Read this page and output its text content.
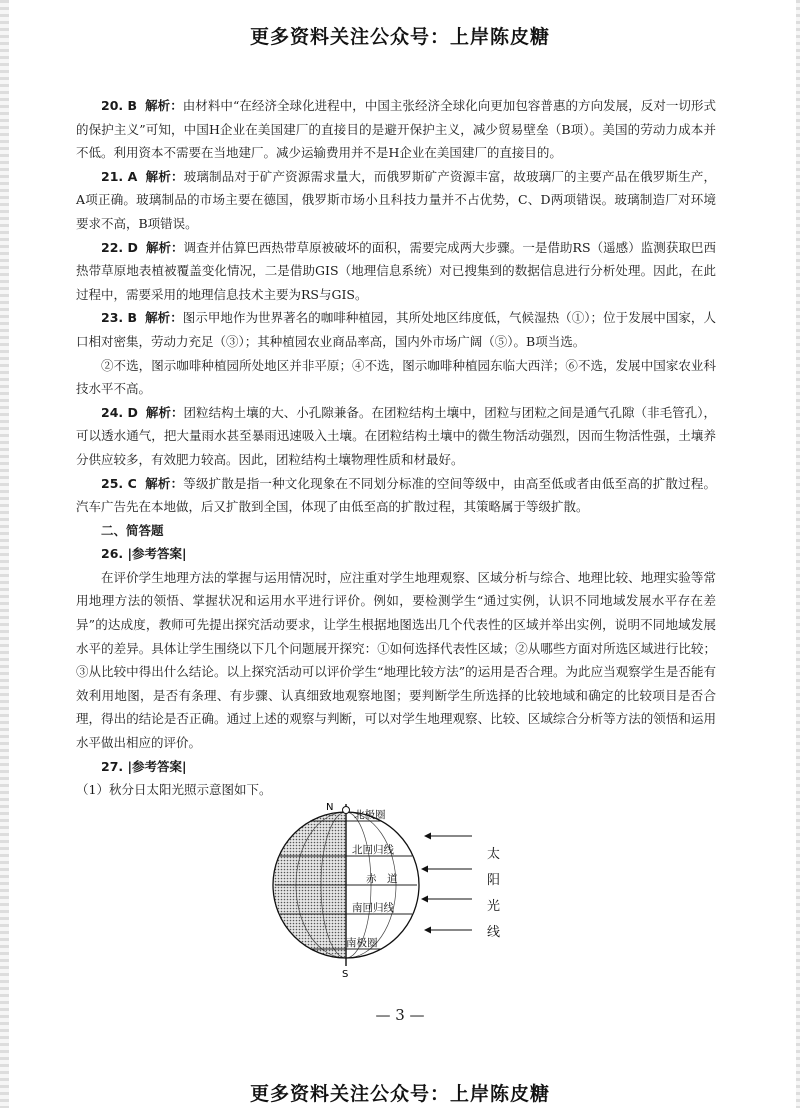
更多资料关注公众号：上岸陈皮糖

20. B 解析：由材料中“在经济全球化进程中，中国主张经济全球化向更加包容普惠的方向发展，反对一切形式的保护主义”可知，中国H企业在美国建厂的直接目的是避开保护主义，减少贸易壁垒（B项）。美国的劳动力成本并不低。利用资本不需要在当地建厂。减少运输费用并不是H企业在美国建厂的直接目的。

21. A 解析：玻璃制品对于矿产资源需求量大，而俄罗斯矿产资源丰富，故玻璃厂的主要产品在俄罗斯生产，A项正确。玻璃制品的市场主要在德国，俄罗斯市场小且科技力量并不占优势，C、D两项错误。玻璃制造厂对环境要求不高，B项错误。

22. D 解析：调查并估算巴西热带草原被破坏的面积，需要完成两大步骤。一是借助RS（遥感）监测获取巴西热带草原地表植被覆盖变化情况，二是借助GIS（地理信息系统）对已搜集到的数据信息进行分析处理。因此，在此过程中，需要采用的地理信息技术主要为RS与GIS。

23. B 解析：图示甲地作为世界著名的咖啡种植园，其所处地区纬度低，气候湿热（①）；位于发展中国家，人口相对密集，劳动力充足（③）；其种植园农业商品率高，国内外市场广阔（⑤）。B项当选。

②不选，图示咖啡种植园所处地区并非平原；④不选，图示咖啡种植园东临大西洋；⑥不选，发展中国家农业科技水平不高。

24. D 解析：团粒结构土壤的大、小孔隙兼备。在团粒结构土壤中，团粒与团粒之间是通气孔隙（非毛管孔），可以透水通气，把大量雨水甚至暴雨迅速吸入土壤。在团粒结构土壤中的微生物活动强烈，因而生物活性强，土壤养分供应较多，有效肥力较高。因此，团粒结构土壤物理性质和材最好。

25. C 解析：等级扩散是指一种文化现象在不同划分标准的空间等级中，由高至低或者由低至高的扩散过程。汽车广告先在本地做，后又扩散到全国，体现了由低至高的扩散过程，其策略属于等级扩散。

二、简答题

26. |参考答案|

在评价学生地理方法的掌握与运用情况时，应注重对学生地理观察、区域分析与综合、地理比较、地理实验等常用地理方法的领悟、掌握状况和运用水平进行评价。例如，要检测学生“通过实例，认识不同地域发展水平存在差异”的达成度，教师可先提出探究活动要求，让学生根据地图选出几个代表性的区域并举出实例，说明不同地域发展水平的差异。具体让学生围绕以下几个问题展开探究：①如何选择代表性区域；②从哪些方面对所选区域进行比较；③从比较中得出什么结论。以上探究活动可以评价学生“地理比较方法”的运用是否合理。为此应当观察学生是否能有效利用地图，是否有条理、有步骤、认真细致地观察地图；要判断学生所选择的比较地域和确定的比较项目是否合理，得出的结论是否正确。通过上述的观察与判断，可以对学生地理观察、比较、区域综合分析等方法的领悟和运用水平做出相应的评价。

27. |参考答案|

（1）秋分日太阳光照示意图如下。

N
S
北极圈
北回归线
赤　道
南回归线
南极圈
太
阳
光
线
— 3 —
更多资料关注公众号：上岸陈皮糖
